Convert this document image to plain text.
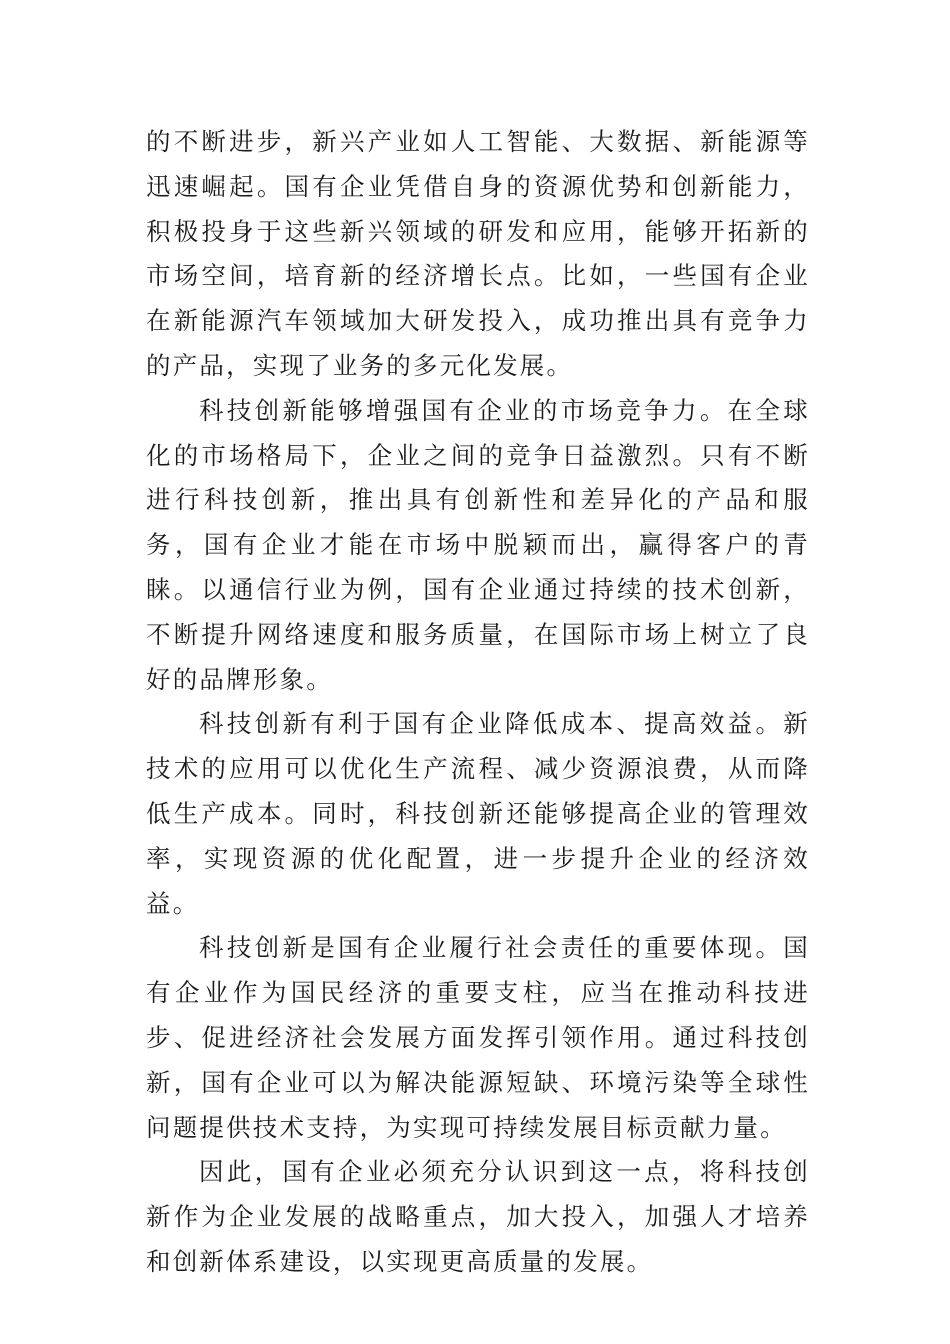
的不断进步，新兴产业如人工智能、大数据、新能源等迅速崛起。国有企业凭借自身的资源优势和创新能力，积极投身于这些新兴领域的研发和应用，能够开拓新的市场空间，培育新的经济增长点。比如，一些国有企业在新能源汽车领域加大研发投入，成功推出具有竞争力的产品，实现了业务的多元化发展。

科技创新能够增强国有企业的市场竞争力。在全球化的市场格局下，企业之间的竞争日益激烈。只有不断进行科技创新，推出具有创新性和差异化的产品和服务，国有企业才能在市场中脱颖而出，赢得客户的青睐。以通信行业为例，国有企业通过持续的技术创新，不断提升网络速度和服务质量，在国际市场上树立了良好的品牌形象。

科技创新有利于国有企业降低成本、提高效益。新技术的应用可以优化生产流程、减少资源浪费，从而降低生产成本。同时，科技创新还能够提高企业的管理效率，实现资源的优化配置，进一步提升企业的经济效益。

科技创新是国有企业履行社会责任的重要体现。国有企业作为国民经济的重要支柱，应当在推动科技进步、促进经济社会发展方面发挥引领作用。通过科技创新，国有企业可以为解决能源短缺、环境污染等全球性问题提供技术支持，为实现可持续发展目标贡献力量。

因此，国有企业必须充分认识到这一点，将科技创新作为企业发展的战略重点，加大投入，加强人才培养和创新体系建设，以实现更高质量的发展。
